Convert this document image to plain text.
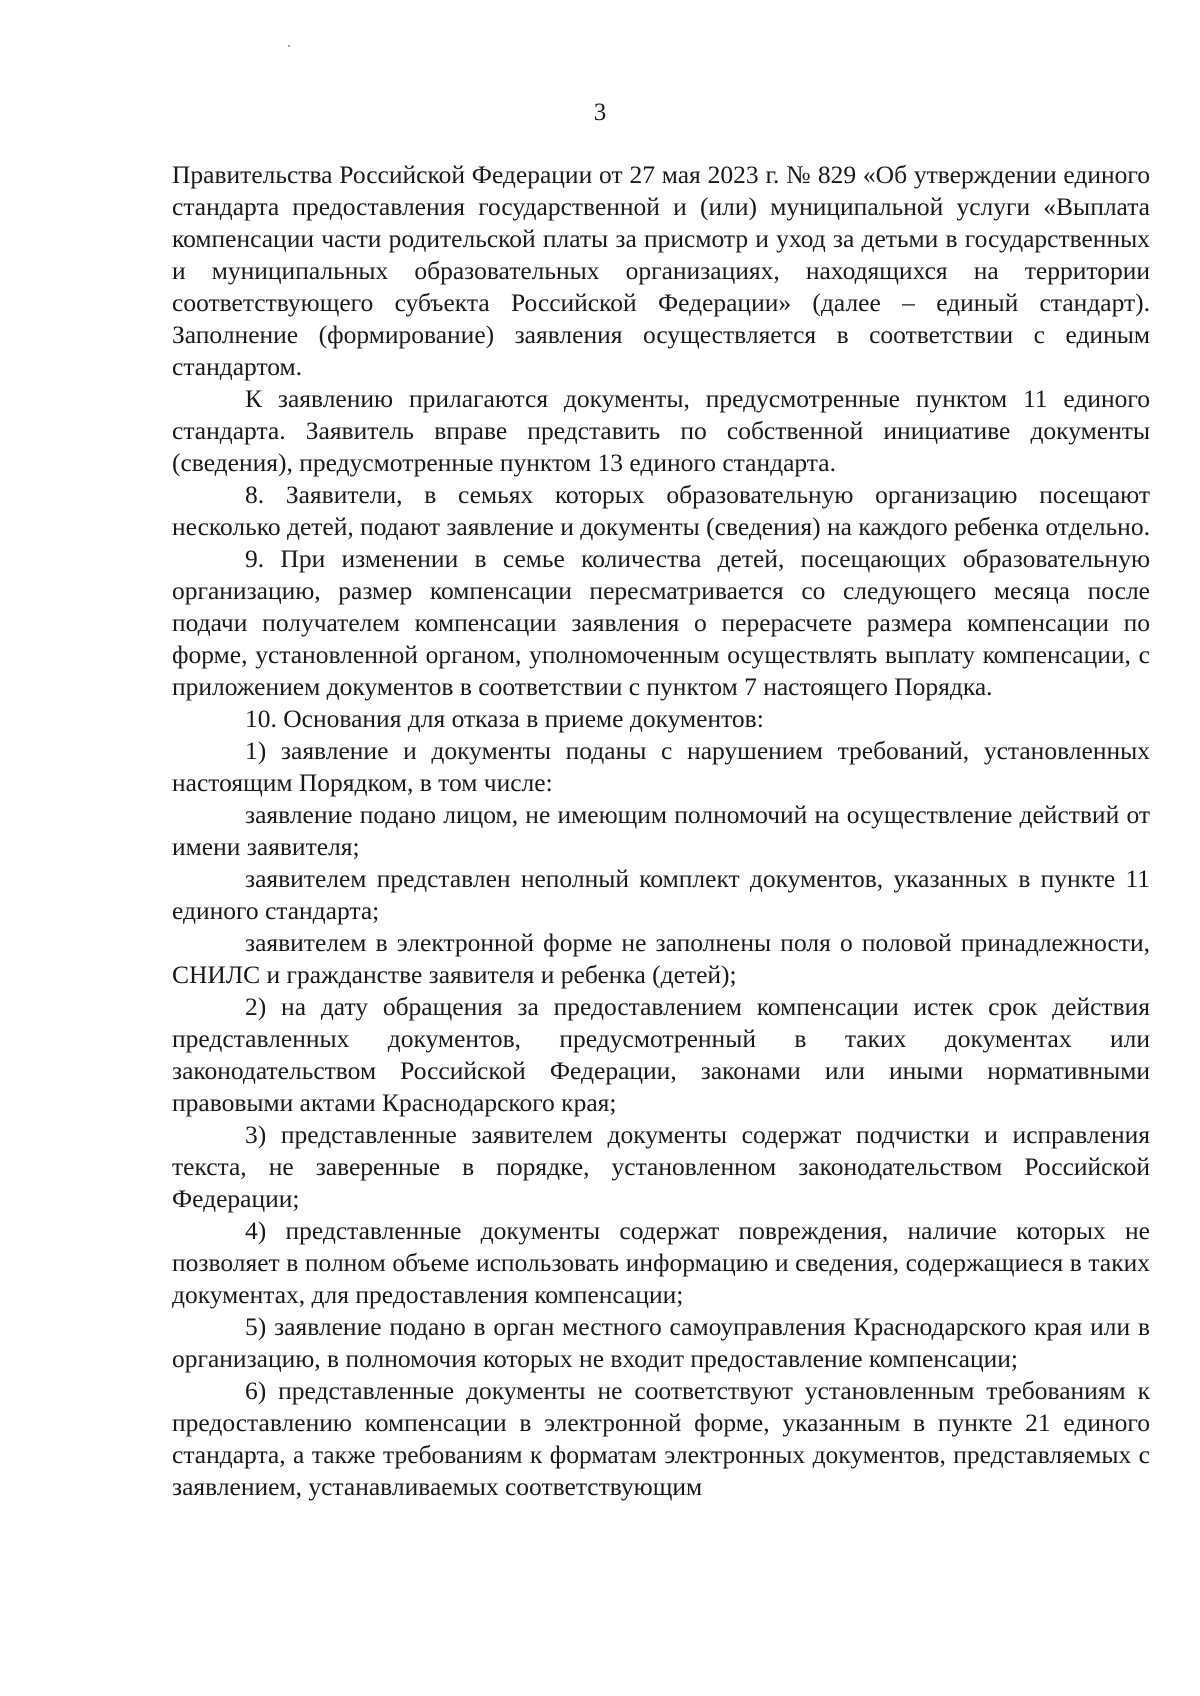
3

Правительства Российской Федерации от 27 мая 2023 г. № 829 «Об утверждении единого стандарта предоставления государственной и (или) муниципальной услуги «Выплата компенсации части родительской платы за присмотр и уход за детьми в государственных и муниципальных образовательных организациях, находящихся на территории соответствующего субъекта Российской Федерации» (далее – единый стандарт). Заполнение (формирование) заявления осуществляется в соответствии с единым стандартом.

К заявлению прилагаются документы, предусмотренные пунктом 11 единого стандарта. Заявитель вправе представить по собственной инициативе документы (сведения), предусмотренные пунктом 13 единого стандарта.

8. Заявители, в семьях которых образовательную организацию посещают несколько детей, подают заявление и документы (сведения) на каждого ребенка отдельно.

9. При изменении в семье количества детей, посещающих образовательную организацию, размер компенсации пересматривается со следующего месяца после подачи получателем компенсации заявления о перерасчете размера компенсации по форме, установленной органом, уполномоченным осуществлять выплату компенсации, с приложением документов в соответствии с пунктом 7 настоящего Порядка.

10. Основания для отказа в приеме документов:

1) заявление и документы поданы с нарушением требований, установленных настоящим Порядком, в том числе:

заявление подано лицом, не имеющим полномочий на осуществление действий от имени заявителя;

заявителем представлен неполный комплект документов, указанных в пункте 11 единого стандарта;

заявителем в электронной форме не заполнены поля о половой принадлежности, СНИЛС и гражданстве заявителя и ребенка (детей);

2) на дату обращения за предоставлением компенсации истек срок действия представленных документов, предусмотренный в таких документах или законодательством Российской Федерации, законами или иными нормативными правовыми актами Краснодарского края;

3) представленные заявителем документы содержат подчистки и исправления текста, не заверенные в порядке, установленном законодательством Российской Федерации;

4) представленные документы содержат повреждения, наличие которых не позволяет в полном объеме использовать информацию и сведения, содержащиеся в таких документах, для предоставления компенсации;

5) заявление подано в орган местного самоуправления Краснодарского края или в организацию, в полномочия которых не входит предоставление компенсации;

6) представленные документы не соответствуют установленным требованиям к предоставлению компенсации в электронной форме, указанным в пункте 21 единого стандарта, а также требованиям к форматам электронных документов, представляемых с заявлением, устанавливаемых соответствующим
